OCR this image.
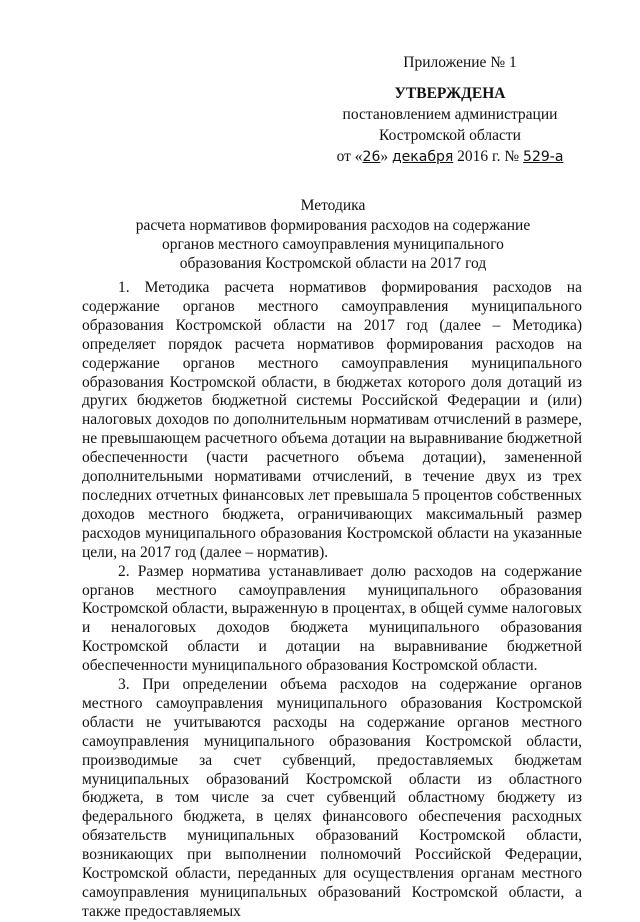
Приложение № 1
УТВЕРЖДЕНА
постановлением администрации
Костромской области
от «26» декабря 2016 г. № 529-а
Методика
расчета нормативов формирования расходов на содержание
органов местного самоуправления муниципального
образования Костромской области на 2017 год

1. Методика расчета нормативов формирования расходов на содержание органов местного самоуправления муниципального образования Костромской области на 2017 год (далее – Методика) определяет порядок расчета нормативов формирования расходов на содержание органов местного самоуправления муниципального образования Костромской области, в бюджетах которого доля дотаций из других бюджетов бюджетной системы Российской Федерации и (или) налоговых доходов по дополнительным нормативам отчислений в размере, не превышающем расчетного объема дотации на выравнивание бюджетной обеспеченности (части расчетного объема дотации), замененной дополнительными нормативами отчислений, в течение двух из трех последних отчетных финансовых лет превышала 5 процентов собственных доходов местного бюджета, ограничивающих максимальный размер расходов муниципального образования Костромской области на указанные цели, на 2017 год (далее – норматив).

2. Размер норматива устанавливает долю расходов на содержание органов местного самоуправления муниципального образования Костромской области, выраженную в процентах, в общей сумме налоговых и неналоговых доходов бюджета муниципального образования Костромской области и дотации на выравнивание бюджетной обеспеченности муниципального образования Костромской области.

3. При определении объема расходов на содержание органов местного самоуправления муниципального образования Костромской области не учитываются расходы на содержание органов местного самоуправления муниципального образования Костромской области, производимые за счет субвенций, предоставляемых бюджетам муниципальных образований Костромской области из областного бюджета, в том числе за счет субвенций областному бюджету из федерального бюджета, в целях финансового обеспечения расходных обязательств муниципальных образований Костромской области, возникающих при выполнении полномочий Российской Федерации, Костромской области, переданных для осуществления органам местного самоуправления муниципальных образований Костромской области, а также предоставляемых
